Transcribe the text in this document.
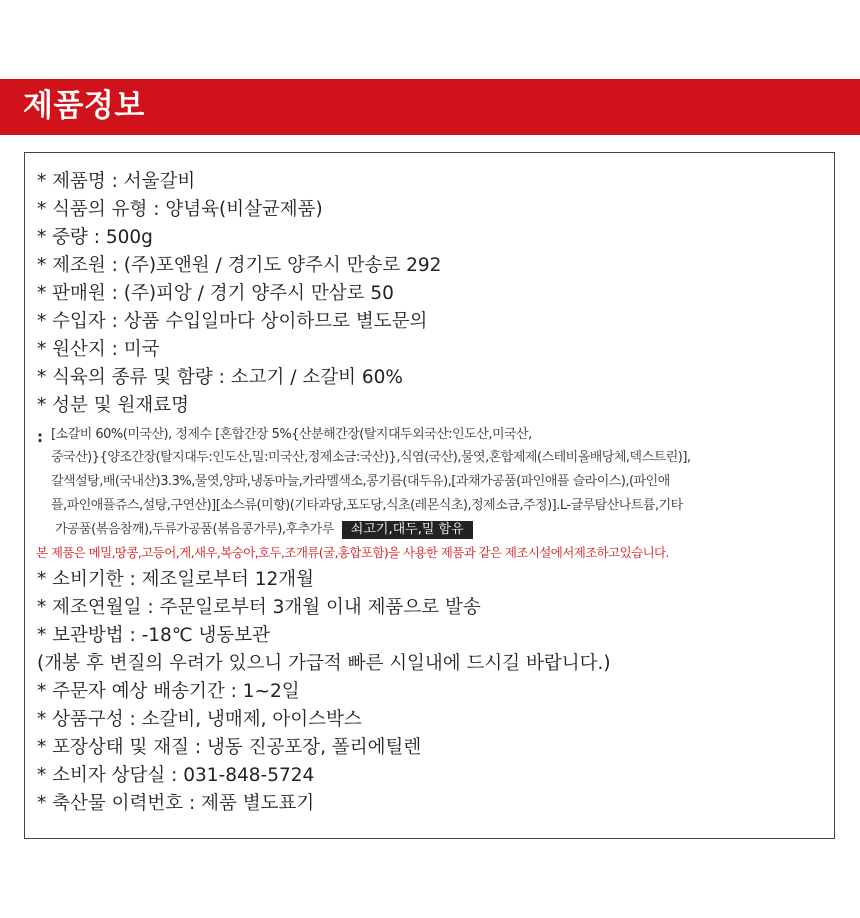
제품정보
* 제품명 : 서울갈비
* 식품의 유형 : 양념육(비살균제품)
* 중량 : 500g
* 제조원 : (주)포앤원 / 경기도 양주시 만송로 292
* 판매원 : (주)피앙 / 경기 양주시 만삼로 50
* 수입자 : 상품 수입일마다 상이하므로 별도문의
* 원산지 : 미국
* 식육의 종류 및 함량 : 소고기 / 소갈비 60%
* 성분 및 원재료명
: [소갈비 60%(미국산), 정제수 [혼합간장 5%{산분해간장(탈지대두외국산:인도산,미국산,
중국산)}{양조간장(탈지대두:인도산,밀:미국산,정제소금:국산)},식염(국산),물엿,혼합제제(스테비올배당체,덱스트린)],
갈색설탕,배(국내산)3.3%,물엿,양파,냉동마늘,카라멜색소,콩기름(대두유),[과채가공품(파인애플 슬라이스),(파인애
플,파인애플쥬스,설탕,구연산)][소스류(미향)(기타과당,포도당,식초(레몬식초),정제소금,주정)].L-글루탐산나트륨,기타
가공품(볶음참깨),두류가공품(볶음콩가루),후추가루 쇠고기,대두,밀 함유
본 제품은 메밀,땅콩,고등어,게,새우,복숭아,호두,조개류(굴,홍합포함)을 사용한 제품과 같은 제조시설에서제조하고있습니다.
* 소비기한 : 제조일로부터 12개월
* 제조연월일 : 주문일로부터 3개월 이내 제품으로 발송
* 보관방법 : -18℃ 냉동보관
(개봉 후 변질의 우려가 있으니 가급적 빠른 시일내에 드시길 바랍니다.)
* 주문자 예상 배송기간 : 1~2일
* 상품구성 : 소갈비, 냉매제, 아이스박스
* 포장상태 및 재질 : 냉동 진공포장, 폴리에틸렌
* 소비자 상담실 : 031-848-5724
* 축산물 이력번호 : 제품 별도표기
